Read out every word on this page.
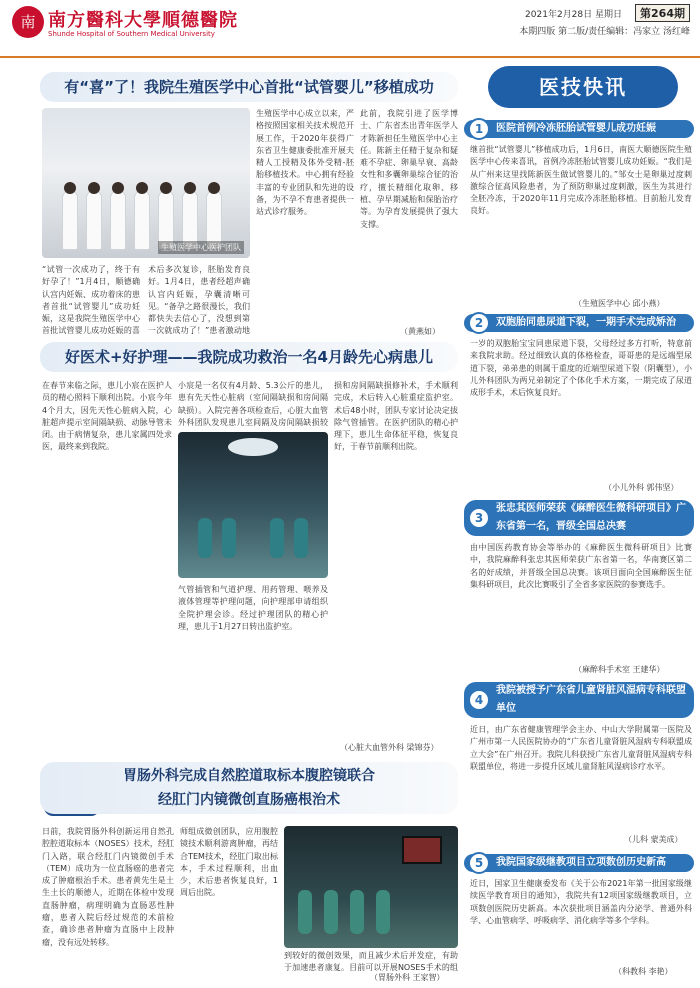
南 南方醫科大學順德醫院
Shunde Hospital of Southern Medical University
2021年2月28日 星期日	第264期
本期四版 第二版/责任编辑：冯家立 汤红峰
有“喜”了！我院生殖医学中心首批“试管婴儿”移植成功
生殖医学中心医护团队
生殖医学中心成立以来，严格按照国家相关技术规范开展工作，于2020年获得广东省卫生健康委批准开展夫精人工授精及体外受精-胚胎移植技术。中心拥有经验丰富的专业团队和先进的设备，为不孕不育患者提供一站式诊疗服务。
此前，我院引进了医学博士、广东省杰出青年医学人才陈新担任生殖医学中心主任。陈新主任精于复杂和疑难不孕症、卵巢早衰、高龄女性和多囊卵巢综合征的治疗，擅长精细化取卵、移植、孕早期减胎和保胎治疗等。为孕育发展提供了强大支撑。
“试管一次成功了，终于有好孕了！”1月4日，顺德确认宫内妊娠、成功着床的患者首批“试管婴儿”成功妊娠，这是我院生殖医学中心首批试管婴儿成功妊娠的喜
术后多次复诊，胚胎发育良好。1月4日，患者经超声确认宫内妊娠，孕囊清晰可见。“备孕之路很漫长，我们都快失去信心了，没想到第一次就成功了！”患者激动地	（黄燕如）
好医术+好护理——我院成功救治一名4月龄先心病患儿
在春节来临之际，患儿小宸在医护人员的精心照料下顺利出院。小宸今年4个月大，因先天性心脏病入院，心脏超声提示室间隔缺损、动脉导管未闭。由于病情复杂，患儿家属四处求医，最终来到我院。
小宸是一名仅有4月龄、5.3公斤的患儿，患有先天性心脏病（室间隔缺损和房间隔缺损）。入院完善各项检查后，心脏大血管外科团队发现患儿室间隔及房间隔缺损较
气管插管和气道护理、用药管理、喂养及液体管理等护理问题，向护理部申请组织全院护理会诊。经过护理团队的精心护理，患儿于1月27日转出监护室。
损和房间隔缺损修补术，手术顺利完成，术后转入心脏重症监护室。术后48小时，团队专家讨论决定拔除气管插管。在医护团队的精心护理下，患儿生命体征平稳，恢复良好，于春节前顺利出院。
（心脏大血管外科 梁锦芬）
胃肠外科完成自然腔道取标本腹腔镜联合
经肛门内镜微创直肠癌根治术
日前，我院胃肠外科创新运用自然孔腔腔道取标本（NOSES）技术，经肛门入路，联合经肛门内镜微创手术（TEM）成功为一位直肠癌的患者完成了肿瘤根治手术。患者黄先生是土生土长的顺德人，近期在体检中发现直肠肿瘤，病理明确为直肠恶性肿瘤，患者入院后经过规范的术前检查，确诊患者肿瘤为直肠中上段肿瘤，没有远处转移。
师组成微创团队，应用腹腔镜技术顺利游离肿瘤，再结合TEM技术，经肛门取出标本，手术过程顺利，出血少，术后患者恢复良好，1周后出院。
到较好的微创效果，而且减少术后并发症，有助于加速患者康复。目前可以开展NOSES手术的组
（胃肠外科 王家智）
医技快讯
医院首例冷冻胚胎试管婴儿成功妊娠
1
继首批“试管婴儿”移植成功后，1月6日，南医大顺德医院生殖医学中心传来喜讯，首例冷冻胚胎试管婴儿成功妊娠。“我们是从广州来这里找陈新医生做试管婴儿的。”邹女士是卵巢过度刺激综合征高风险患者，为了预防卵巢过度刺激，医生为其进行全胚冷冻，于2020年11月完成冷冻胚胎移植。目前胎儿发育良好。
（生殖医学中心 邱小燕）
双胞胎同患尿道下裂，一期手术完成矫治
2
一岁的双胞胎宝宝同患尿道下裂，父母经过多方打听，特意前来我院求助。经过细致认真的体格检查，哥哥患的是远端型尿道下裂，弟弟患的则属于重度的近端型尿道下裂（阴囊型），小儿外科团队为两兄弟制定了个体化手术方案，一期完成了尿道成形手术，术后恢复良好。
（小儿外科 郭伟坚）
张忠其医师荣获《麻醉医生微科研项目》广东省第一名，晋级全国总决赛
3
由中国医药教育协会等举办的《麻醉医生微科研项目》比赛中，我院麻醉科张忠其医师荣获广东省第一名，华南赛区第二名的好成绩，并晋级全国总决赛。该项目面向全国麻醉医生征集科研项目，此次比赛吸引了全省多家医院的参赛选手。
（麻醉科手术室 王建华）
我院被授予广东省儿童肾脏风湿病专科联盟单位
4
近日，由广东省健康管理学会主办、中山大学附属第一医院及广州市第一人民医院协办的“广东省儿童肾脏风湿病专科联盟成立大会”在广州召开。我院儿科获授广东省儿童肾脏风湿病专科联盟单位，将进一步提升区域儿童肾脏风湿病诊疗水平。
（儿科 蒙美成）
我院国家级继教项目立项数创历史新高
5
近日，国家卫生健康委发布《关于公布2021年第一批国家级继续医学教育项目的通知》，我院共有12项国家级继教项目，立项数创医院历史新高。本次获批项目涵盖内分泌学、普通外科学、心血管病学、呼吸病学、消化病学等多个学科。
（科教科 李艳）
